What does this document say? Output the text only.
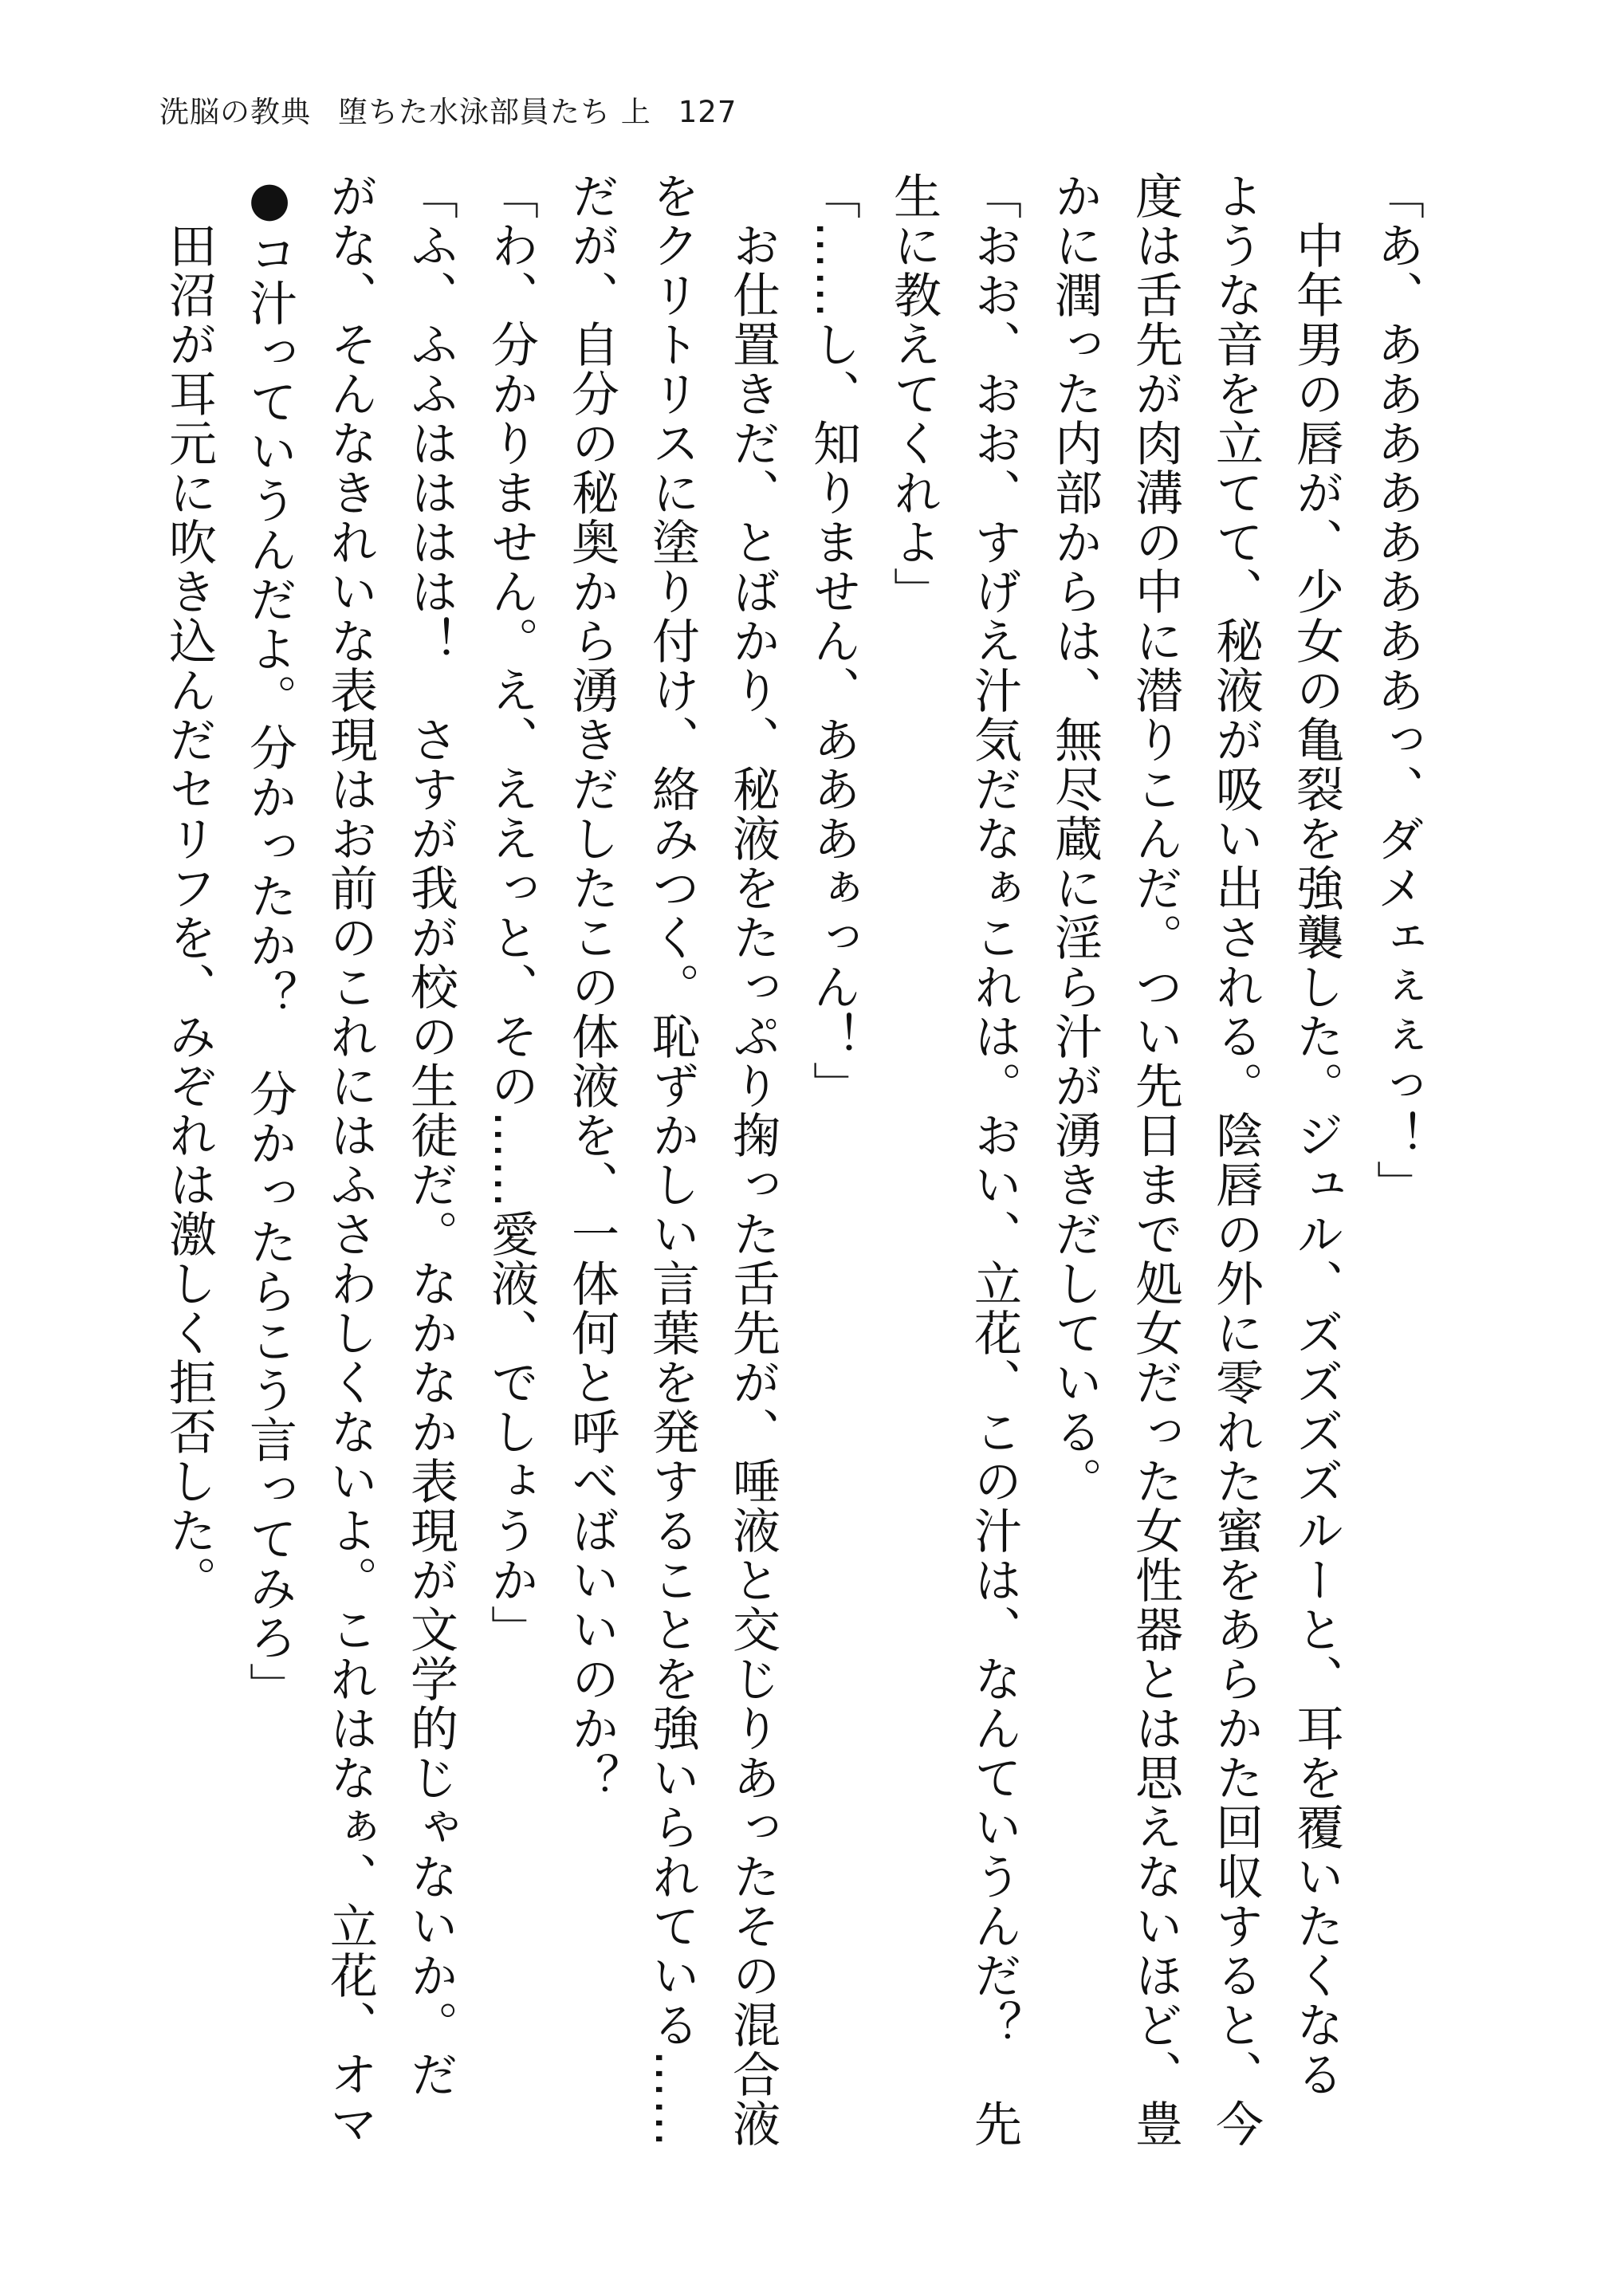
洗脳の教典 堕ちた水泳部員たち 上 127
「あ、ああああああああっ、ダメェぇぇっ！」
　中年男の唇が、少女の亀裂を強襲した。ジュル、ズズズズルーと、耳を覆いたくなる
ような音を立てて、秘液が吸い出される。陰唇の外に零れた蜜をあらかた回収すると、今
度は舌先が肉溝の中に潜りこんだ。つい先日まで処女だった女性器とは思えないほど、豊
かに潤った内部からは、無尽蔵に淫ら汁が湧きだしている。
「おお、おお、すげえ汁気だなぁこれは。おい、立花、この汁は、なんていうんだ？　先
生に教えてくれよ」
「……し、知りません、あああぁっん！」
　お仕置きだ、とばかり、秘液をたっぷり掬った舌先が、唾液と交じりあったその混合液
をクリトリスに塗り付け、絡みつく。恥ずかしい言葉を発することを強いられている……
だが、自分の秘奥から湧きだしたこの体液を、一体何と呼べばいいのか？
「わ、分かりません。え、ええっと、その……愛液、でしょうか」
「ふ、ふふはははは！　さすが我が校の生徒だ。なかなか表現が文学的じゃないか。だ
がな、そんなきれいな表現はお前のこれにはふさわしくないよ。これはなぁ、立花、オマ
●コ汁っていうんだよ。分かったか？　分かったらこう言ってみろ」
　田沼が耳元に吹き込んだセリフを、みぞれは激しく拒否した。
